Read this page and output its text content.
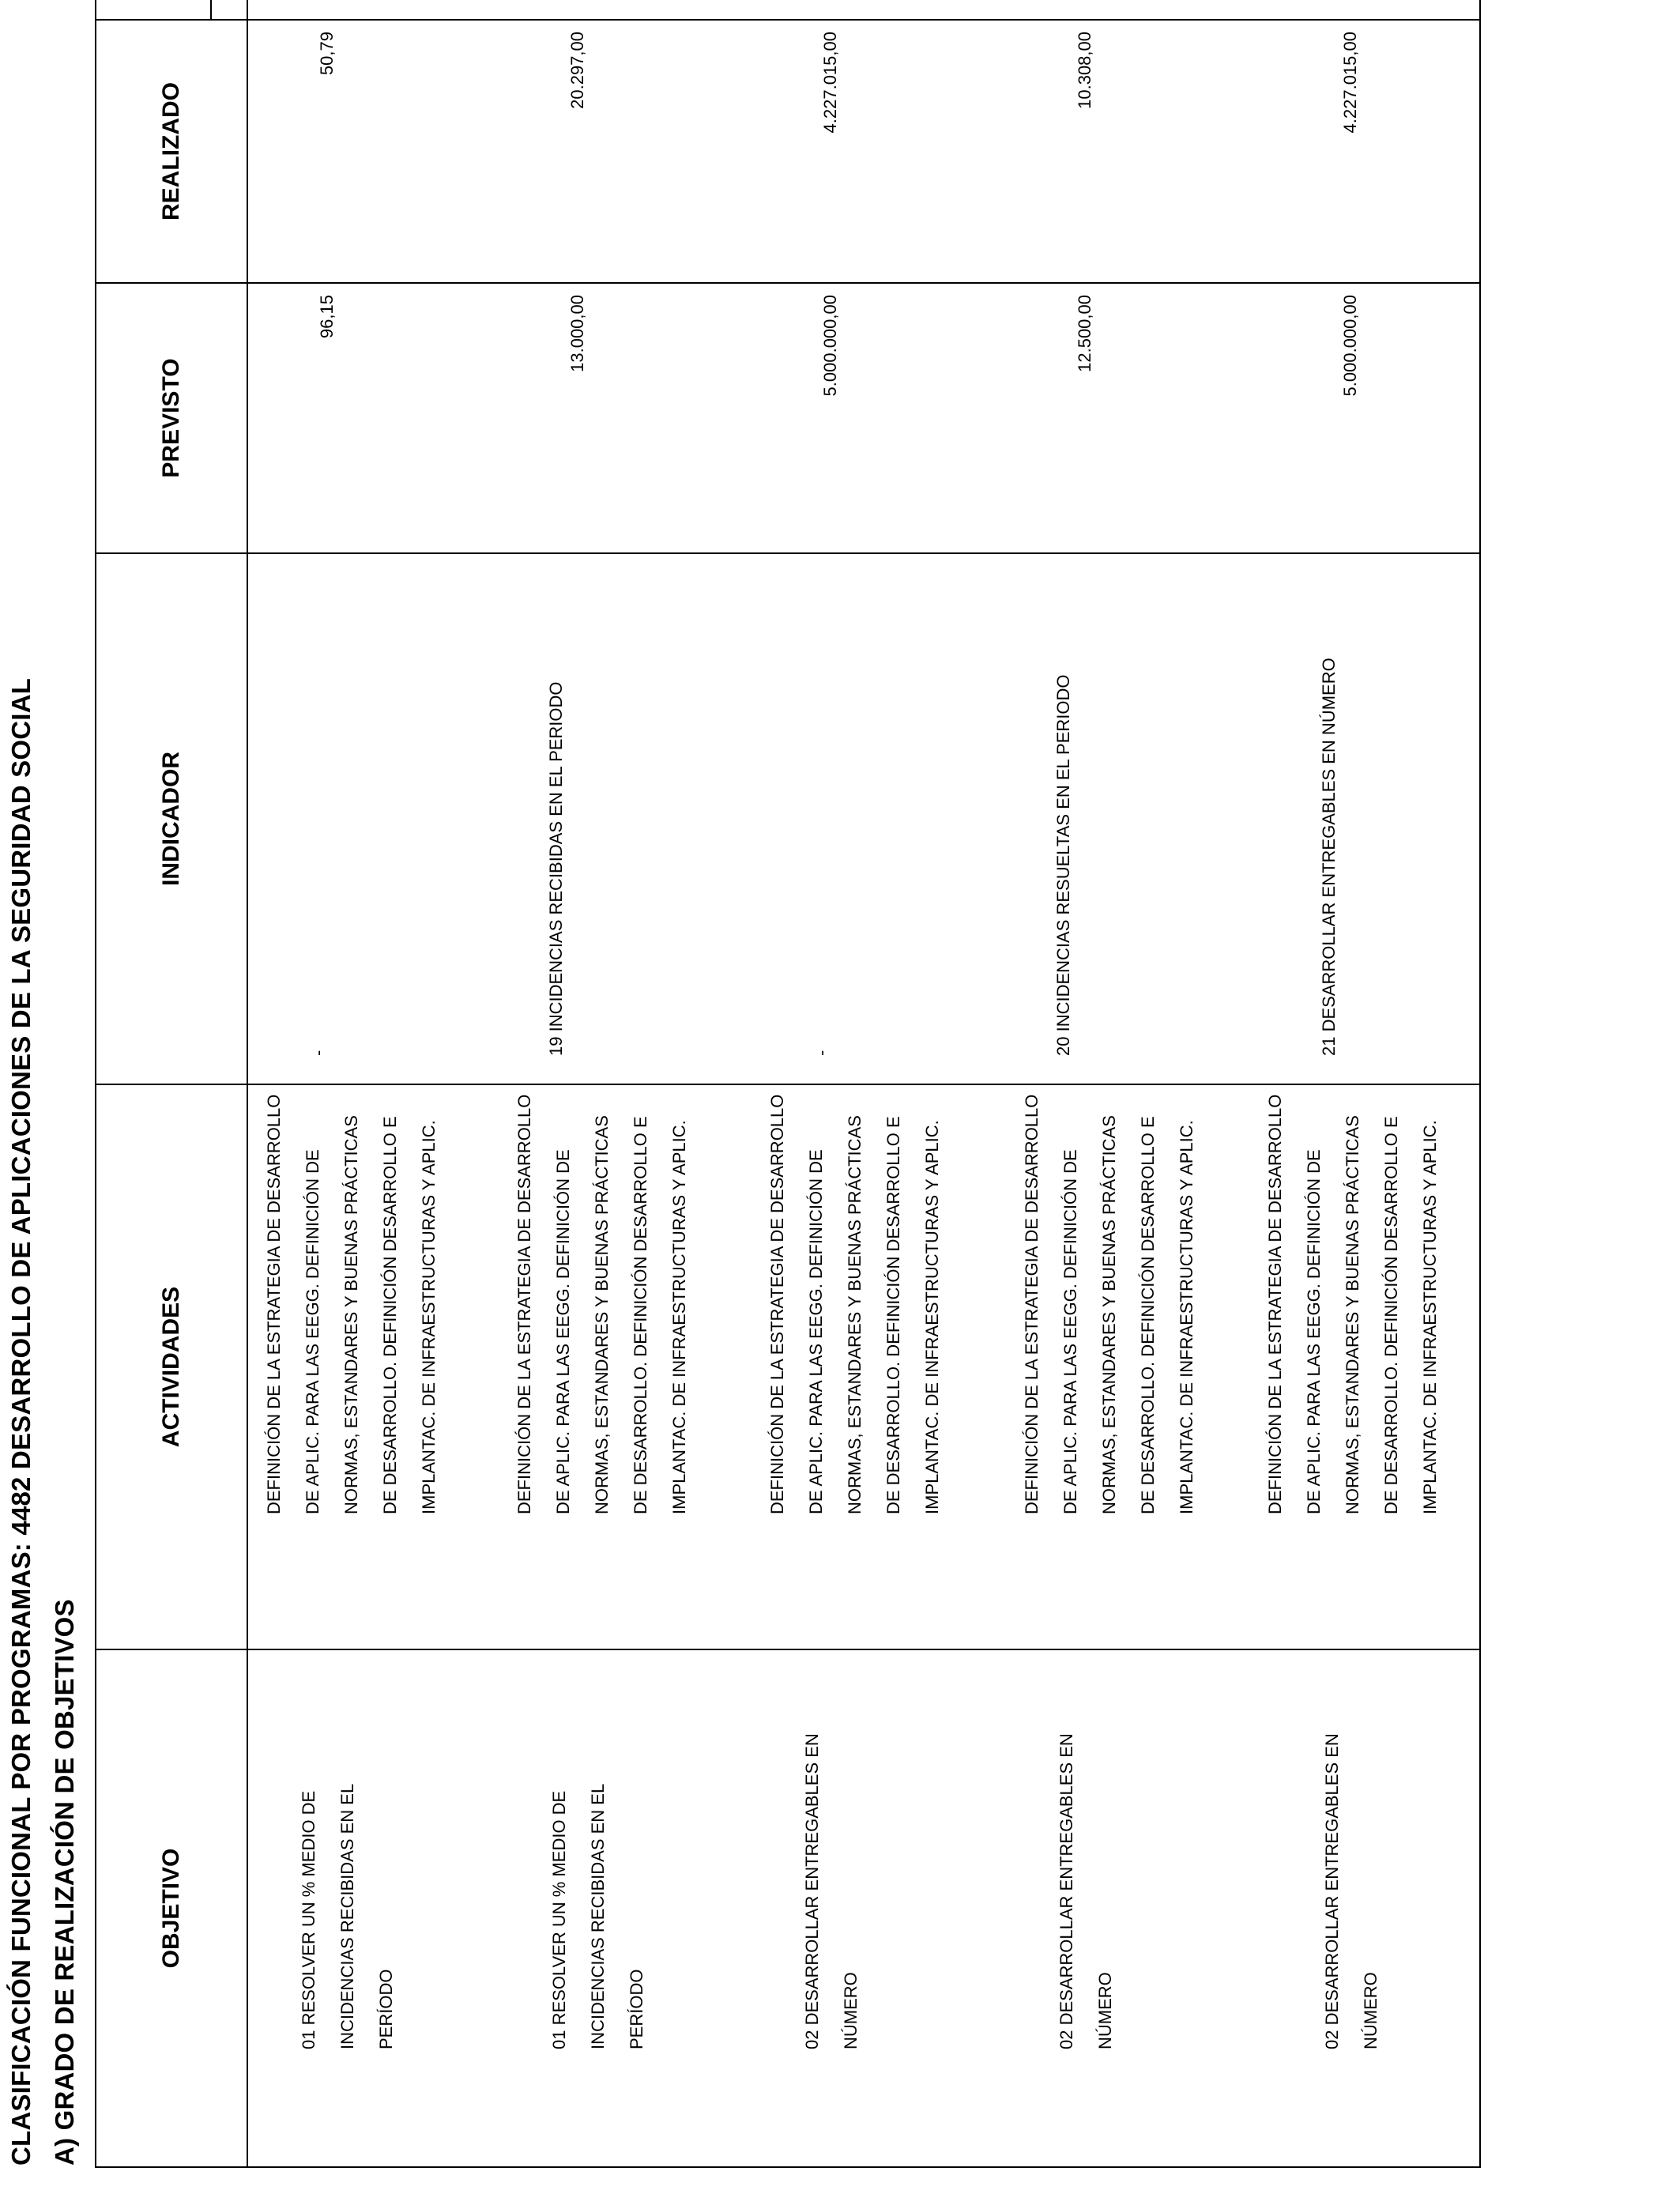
CLASIFICACIÓN FUNCIONAL POR PROGRAMAS: 4482 DESARROLLO DE APLICACIONES DE LA SEGURIDAD SOCIAL A) GRADO DE REALIZACIÓN DE OBJETIVOS	OBJETIVO	ACTIVIDADES	INDICADOR	PREVISTO	REALIZADO	

01 RESOLVER UN % MEDIO DE INCIDENCIAS RECIBIDAS EN EL PERÍODO	DEFINICIÓN DE LA ESTRATEGIA DE DESARROLLO DE APLIC. PARA LAS EEGG. DEFINICIÓN DE NORMAS, ESTANDARES Y BUENAS PRÁCTICAS DE DESARROLLO. DEFINICIÓN DESARROLLO E IMPLANTAC. DE INFRAESTRUCTURAS Y APLIC.	-	96,15	50,79

01 RESOLVER UN % MEDIO DE INCIDENCIAS RECIBIDAS EN EL PERÍODO	DEFINICIÓN DE LA ESTRATEGIA DE DESARROLLO DE APLIC. PARA LAS EEGG. DEFINICIÓN DE NORMAS, ESTANDARES Y BUENAS PRÁCTICAS DE DESARROLLO. DEFINICIÓN DESARROLLO E IMPLANTAC. DE INFRAESTRUCTURAS Y APLIC.	19 INCIDENCIAS RECIBIDAS EN EL PERIODO	13.000,00	20.297,00

02 DESARROLLAR ENTREGABLES EN NÚMERO	DEFINICIÓN DE LA ESTRATEGIA DE DESARROLLO DE APLIC. PARA LAS EEGG. DEFINICIÓN DE NORMAS, ESTANDARES Y BUENAS PRÁCTICAS DE DESARROLLO. DEFINICIÓN DESARROLLO E IMPLANTAC. DE INFRAESTRUCTURAS Y APLIC.	-	5.000.000,00	4.227.015,00

02 DESARROLLAR ENTREGABLES EN NÚMERO	DEFINICIÓN DE LA ESTRATEGIA DE DESARROLLO DE APLIC. PARA LAS EEGG. DEFINICIÓN DE NORMAS, ESTANDARES Y BUENAS PRÁCTICAS DE DESARROLLO. DEFINICIÓN DESARROLLO E IMPLANTAC. DE INFRAESTRUCTURAS Y APLIC.	20 INCIDENCIAS RESUELTAS EN EL PERIODO	12.500,00	10.308,00

02 DESARROLLAR ENTREGABLES EN NÚMERO	DEFINICIÓN DE LA ESTRATEGIA DE DESARROLLO DE APLIC. PARA LAS EEGG. DEFINICIÓN DE NORMAS, ESTANDARES Y BUENAS PRÁCTICAS DE DESARROLLO. DEFINICIÓN DESARROLLO E IMPLANTAC. DE INFRAESTRUCTURAS Y APLIC.	21 DESARROLLAR ENTREGABLES EN NÚMERO	5.000.000,00	4.227.015,00
